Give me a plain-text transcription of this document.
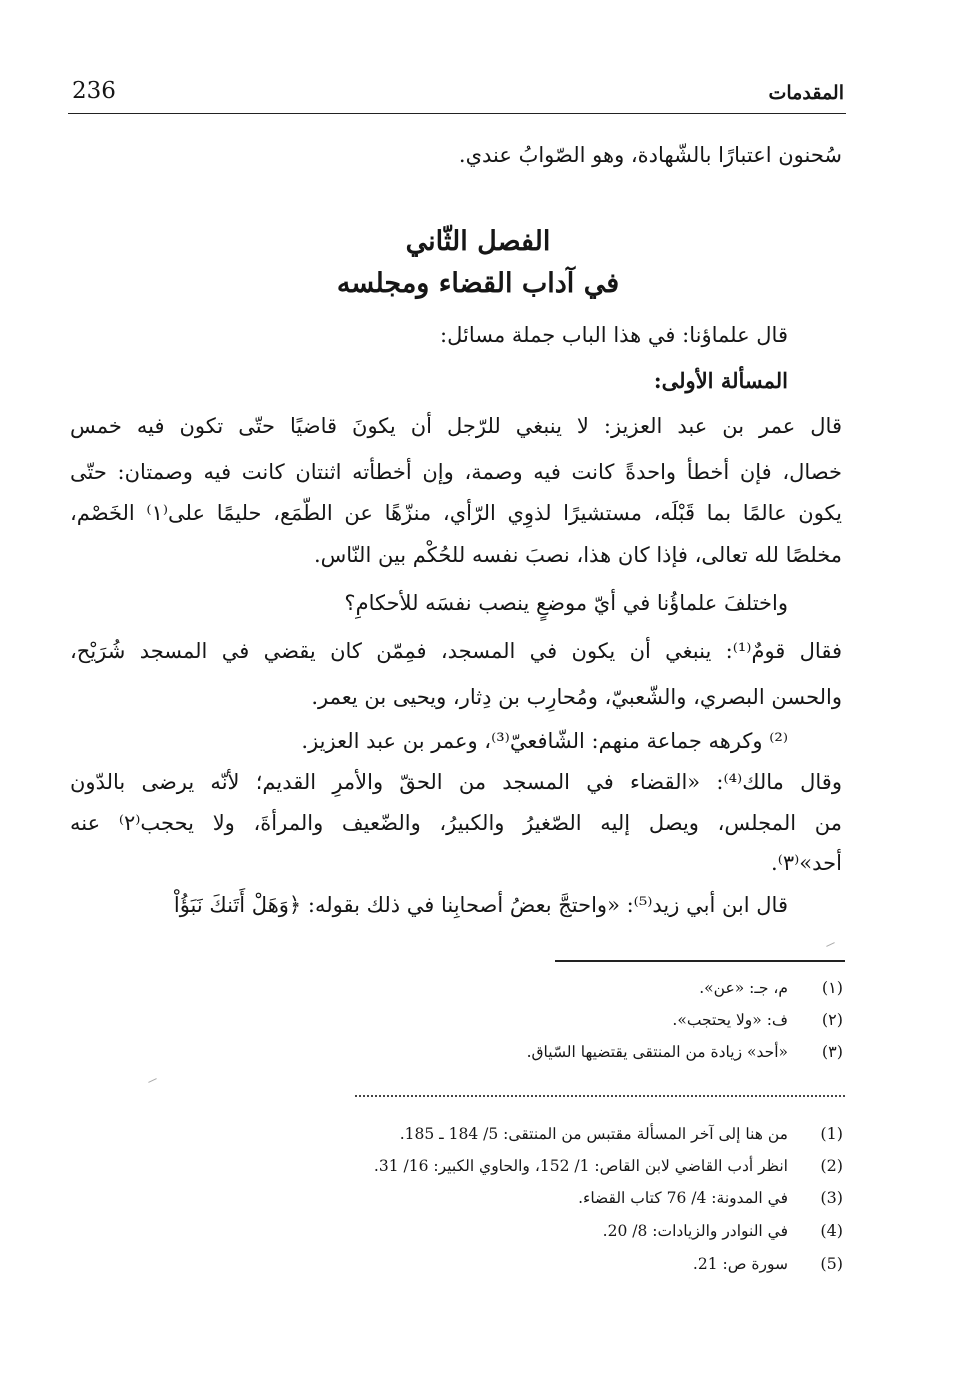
236	المقدمات
سُحنون اعتبارًا بالشّهادة، وهو الصّوابُ عندي.
الفصل الثّاني
في آداب القضاء ومجلسه
قال علماؤنا: في هذا الباب جملة مسائل:
المسألة الأولى:
قال عمر بن عبد العزيز: لا ينبغي للرّجل أن يكونَ قاضيًا حتّى تكون فيه خمس
خصال، فإن أخطأ واحدةً كانت فيه وصمة، وإن أخطأته اثنتان كانت فيه وصمتان: حتّى
يكون عالمًا بما قَبْلَه، مستشيرًا لذوِي الرّأي، منزّهًا عن الطّمَع، حليمًا على⁽١⁾ الخَصْم،
مخلصًا لله تعالى، فإذا كان هذا، نصبَ نفسه للحُكْم بين النّاس.
واختلفَ علماؤُنا في أيّ موضعٍ ينصب نفسَه للأحكامِ؟
فقال قومٌ⁽¹⁾: ينبغي أن يكون في المسجد، فمِمّن كان يقضي في المسجد شُرَيْح،
والحسن البصري، والشّعبيّ، ومُحارِب بن دِثار، ويحيى بن يعمر.
⁽²⁾ وكرهه جماعة منهم: الشّافعيّ⁽³⁾، وعمر بن عبد العزيز.
وقال مالك⁽⁴⁾: «القضاء في المسجد من الحقّ والأمرِ القديم؛ لأنّه يرضى بالدّون
من المجلس، ويصل إليه الصّغيرُ والكبيرُ، والضّعيف والمرأةَ، ولا يحجب⁽٢⁾ عنه
أحد»⁽٣⁾.
قال ابن أبي زيد⁽⁵⁾: «واحتجَّ بعضُ أصحابِنا في ذلك بقوله: ﴿وَهَلْ أَتَنكَ نَبَؤُاْ
(١)
م، جـ: «عن».
(٢)
ف: «ولا يحتجب».
(٣)
«أحد» زيادة من المنتقى يقتضيها السّياق.
(1)
من هنا إلى آخر المسألة مقتبس من المنتقى: 5/ 184 ـ 185.
(2)
انظر أدب القاضي لابن القاص: 1/ 152، والحاوي الكبير: 16/ 31.
(3)
في المدونة: 4/ 76 كتاب القضاء.
(4)
في النوادر والزيادات: 8/ 20.
(5)
سورة ص: 21.
